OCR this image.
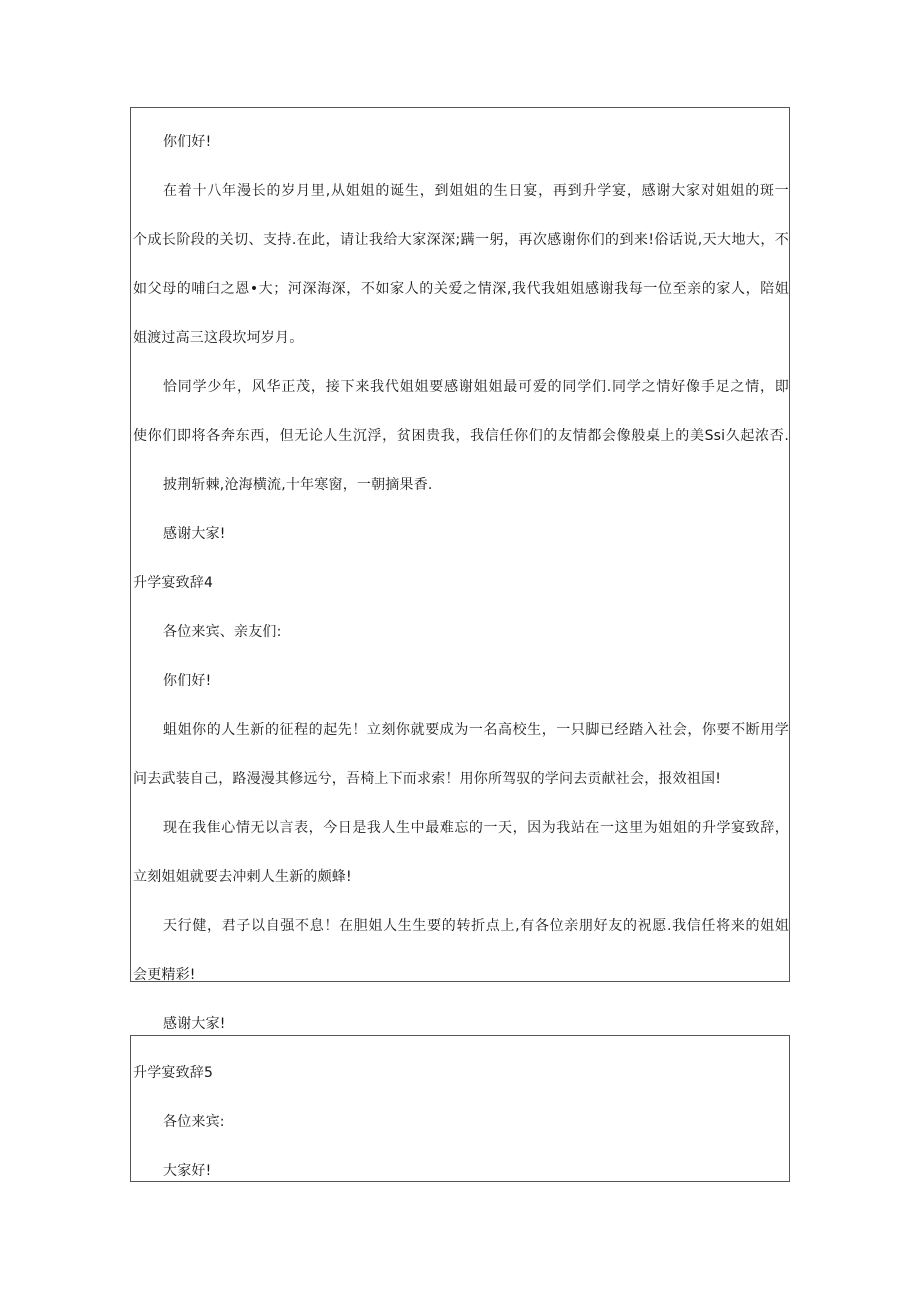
你们好!
在着十八年漫长的岁月里,从姐姐的诞生，到姐姐的生日宴，再到升学宴，感谢大家对姐姐的斑一
个成长阶段的关切、支持.在此，请让我给大家深深;蹒一躬，再次感谢你们的到来!俗话说,天大地大，不
如父母的哺臼之恩•大；河深海深，不如家人的关爱之情深,我代我姐姐感谢我每一位至亲的家人，陪姐
姐渡过高三这段坎坷岁月。
恰同学少年，风华正茂，接下来我代姐姐要感谢姐姐最可爱的同学们.同学之情好像手足之情，即
使你们即将各奔东西，但无论人生沉浮，贫困贵我，我信任你们的友情都会像般桌上的美Ssi久起浓否.
披荆斩棘,沧海横流,十年寒窗，一朝摘果香.
感谢大家!
升学宴致辞4
各位来宾、亲友们:
你们好!
蛆姐你的人生新的征程的起先！立刻你就要成为一名高校生，一只脚已经踏入社会，你要不断用学
问去武装自己，路漫漫其修远兮，吾椅上下而求索！用你所驾驭的学问去贡献社会，报效祖国!
现在我隹心情无以言表，今日是我人生中最难忘的一天，因为我站在一这里为姐姐的升学宴致辞，
立刻姐姐就要去冲剌人生新的颇蜂!
天行健，君子以自强不息！在胆姐人生生要的转折点上,有各位亲朋好友的祝愿.我信任将来的姐姐
会更精彩!
感谢大家!
升学宴致辞5
各位来宾:
大家好!
